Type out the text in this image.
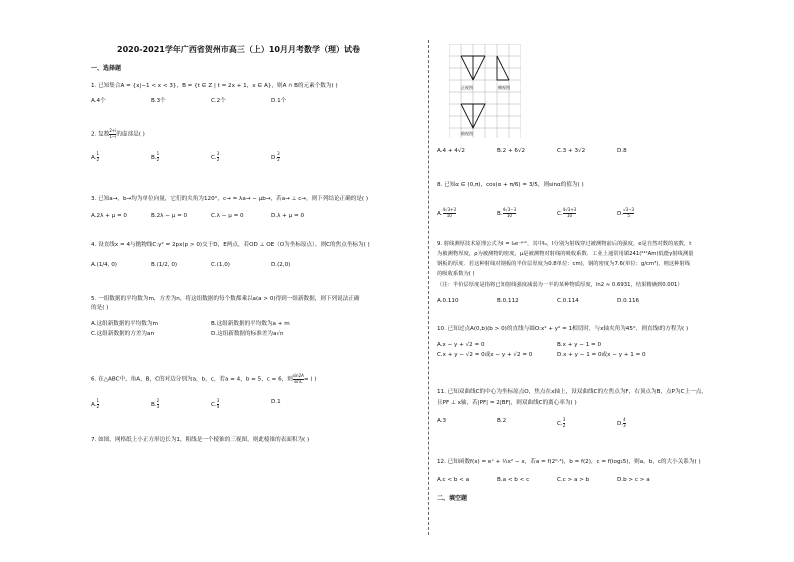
2020-2021学年广西省贺州市高三（上）10月月考数学（理）试卷
一、选择题
1. 已知集合A = {x|−1 < x < 3}，B = {t ∈ Z | t = 2x + 1，x ∈ A}，则A ∩ B的元素个数为( )
A.4个	B.3个	C.2个	D.1个
2. 复数 $\frac{2+i}{1-i}$ 的虚部是( )
A. $\frac{1}{2}$	B. $\frac{1}{2}$	C. $\frac{3}{2}$	D. $\frac{3}{2}$
3. 已知a→，b→均为单位向量，它们的夹角为120°，c→ = λa→ − μb→，若a→ ⊥ c→，则下列结论正确的是( )
A.2λ + μ = 0	B.2λ − μ = 0	C.λ − μ = 0	D.λ + μ = 0
4. 设直线x = 4与抛物线C:y² = 2px(p > 0)交于D，E两点，若OD ⊥ OE（O为坐标原点），则C的焦点坐标为( )
A.(1/4, 0)	B.(1/2, 0)	C.(1,0)	D.(2,0)
5. 一组数据的平均数为m，方差为n，将这组数据的每个数都乘以a(a > 0)得到一组新数据，则下列说法正确
的是( )
A.这组新数据的平均数为m	B.这组新数据的平均数为a + m
C.这组新数据的方差为an	D.这组新数据的标准差为a√n
6. 在△ABC中，角A，B，C的对边分别为a，b，c，若a = 4，b = 5，c = 6，则 $\frac{\sin 2A}{\sin C}$ = ( )
A. $\frac{1}{2}$	B. $\frac{2}{3}$	C. $\frac{3}{4}$	D.1
7. 如图，网格纸上小正方形边长为1，粗线是一个棱锥的三视图，则此棱锥的表面积为( )
正视图	侧视图
俯视图
A.4 + 4√2	B.2 + 6√2	C.3 + 3√2	D.8
8. 已知α ∈ (0,π)，cos(α + π/6) = 3/5，则sinα的值为( )
A. $\frac{4√3+3}{10}$	B. $\frac{4√3-3}{10}$	C. $\frac{4√3+3}{10}$	D. $\frac{√3-3}{5}$
9. 射线测厚技术原理公式为I = I₀e⁻ᵖᵘᵗ，其中I₀，I分别为射线穿过被测物前后的强度，e是自然对数的底数，t
为被测物厚度，ρ为被测物的密度，μ是被测物对射线的吸收系数．工业上通常用镅241(²⁴¹Am)低能γ射线测量
钢板的厚度．若这种射线对钢板的半价层厚度为0.8单位：cm)，钢的密度为7.6(单位：g/cm³)，则这种射线
的吸收系数为( )
（注：半价层厚度是指将已知射线强度减弱为一半的某种物质厚度，ln2 ≈ 0.6931，结果精确到0.001）
A.0.110	B.0.112	C.0.114	D.0.116
10. 已知过点A(0,b)(b > 0)的直线与圆O:x² + y² = 1相切时，与x轴夹角为45°，则直线l的方程为( )
A.x − y + √2 = 0	B.x + y − 1 = 0
C.x + y − √2 = 0或x − y + √2 = 0	D.x + y − 1 = 0或x − y + 1 = 0
11. 已知双曲线C的中心为坐标原点O，焦点在x轴上，设双曲线C的左焦点为F，右顶点为B，点P为C上一点，
且PF ⊥ x轴，若|PF| = 2|BF|，则双曲线C的离心率为( )
A.3	B.2	C. $\frac{3}{2}$	D. $\frac{4}{3}$
12. 已知函数f(x) = eˣ + ½x² − x，若a = f(2⁰·³)，b = f(2)，c = f(log₂5)，则a，b，c的大小关系为( )
A.c < b < a	B.a < b < c	C.c > a > b	D.b > c > a
二、填空题
